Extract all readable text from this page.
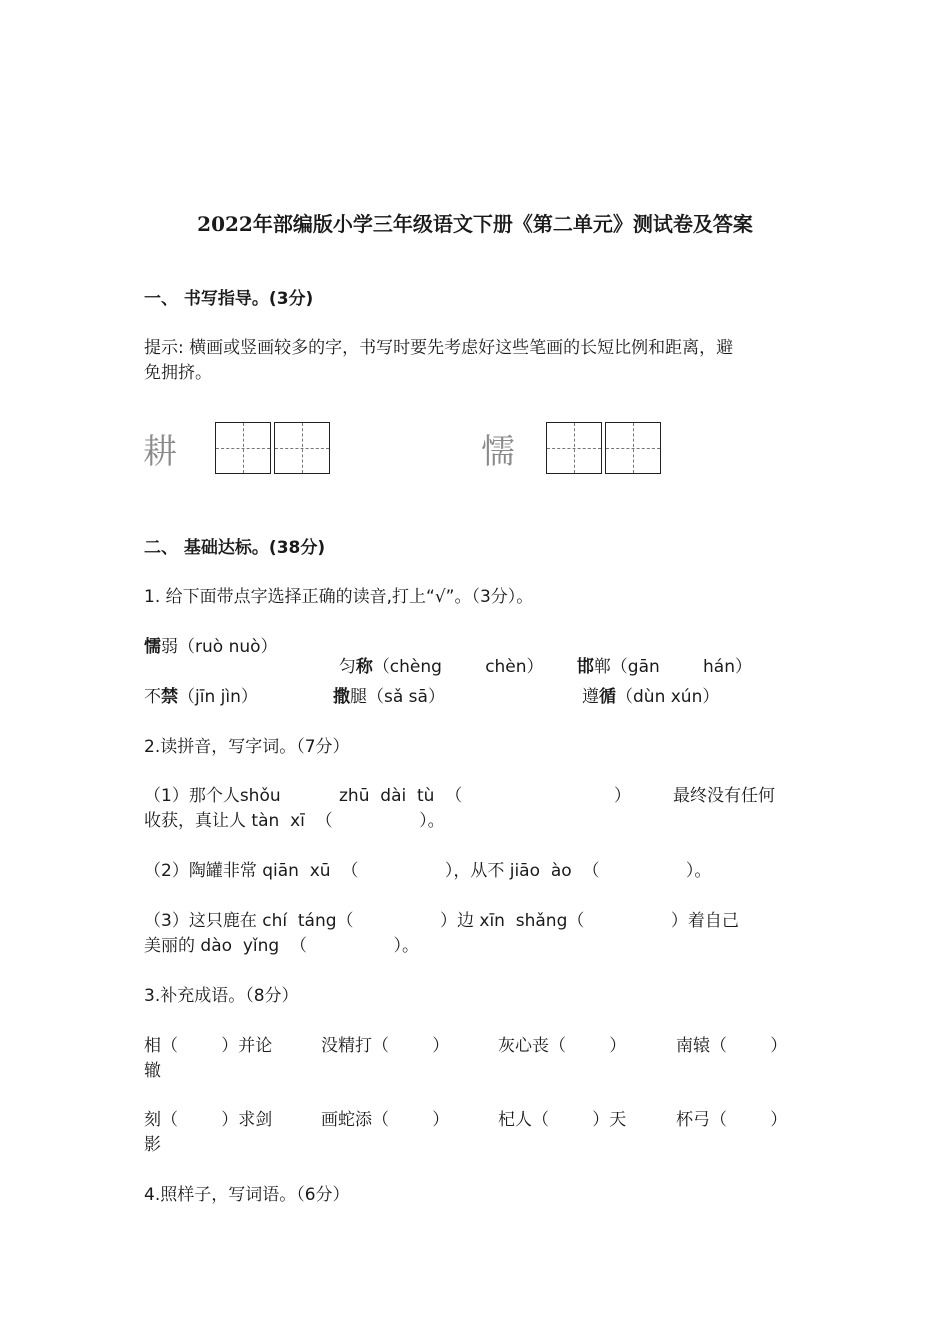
2022年部编版小学三年级语文下册《第二单元》测试卷及答案
一、 书写指导。(3分)
提示: 横画或竖画较多的字，书写时要先考虑好这些笔画的长短比例和距离，避
免拥挤。
耕	懦
二、 基础达标。(38分)
1. 给下面带点字选择正确的读音,打上“√”。（3分）。
懦弱（ruò nuò）

匀称（chèng        chèn）	邯郸（gān        hán）

不禁（jīn jìn）	撒腿（sǎ sā）	遵循（dùn xún）
2.读拼音，写字词。（7分）
（1）那个人shǒu	zhū  dài  tù  （	） 最终没有任何
收获，真让人 tàn  xī  （                ）。
（2）陶罐非常 qiān  xū  （                ），从不 jiāo  ào  （                ）。
（3）这只鹿在 chí  táng（                ）边 xīn  shǎng（                ）着自己
美丽的 dào  yǐng  （                ）。
3.补充成语。（8分）
相（        ）并论	没精打（        ）	灰心丧（        ）	南辕（        ）
辙
刻（        ）求剑	画蛇添（        ）	杞人（        ）天	杯弓（        ）
影
4.照样子，写词语。（6分）
